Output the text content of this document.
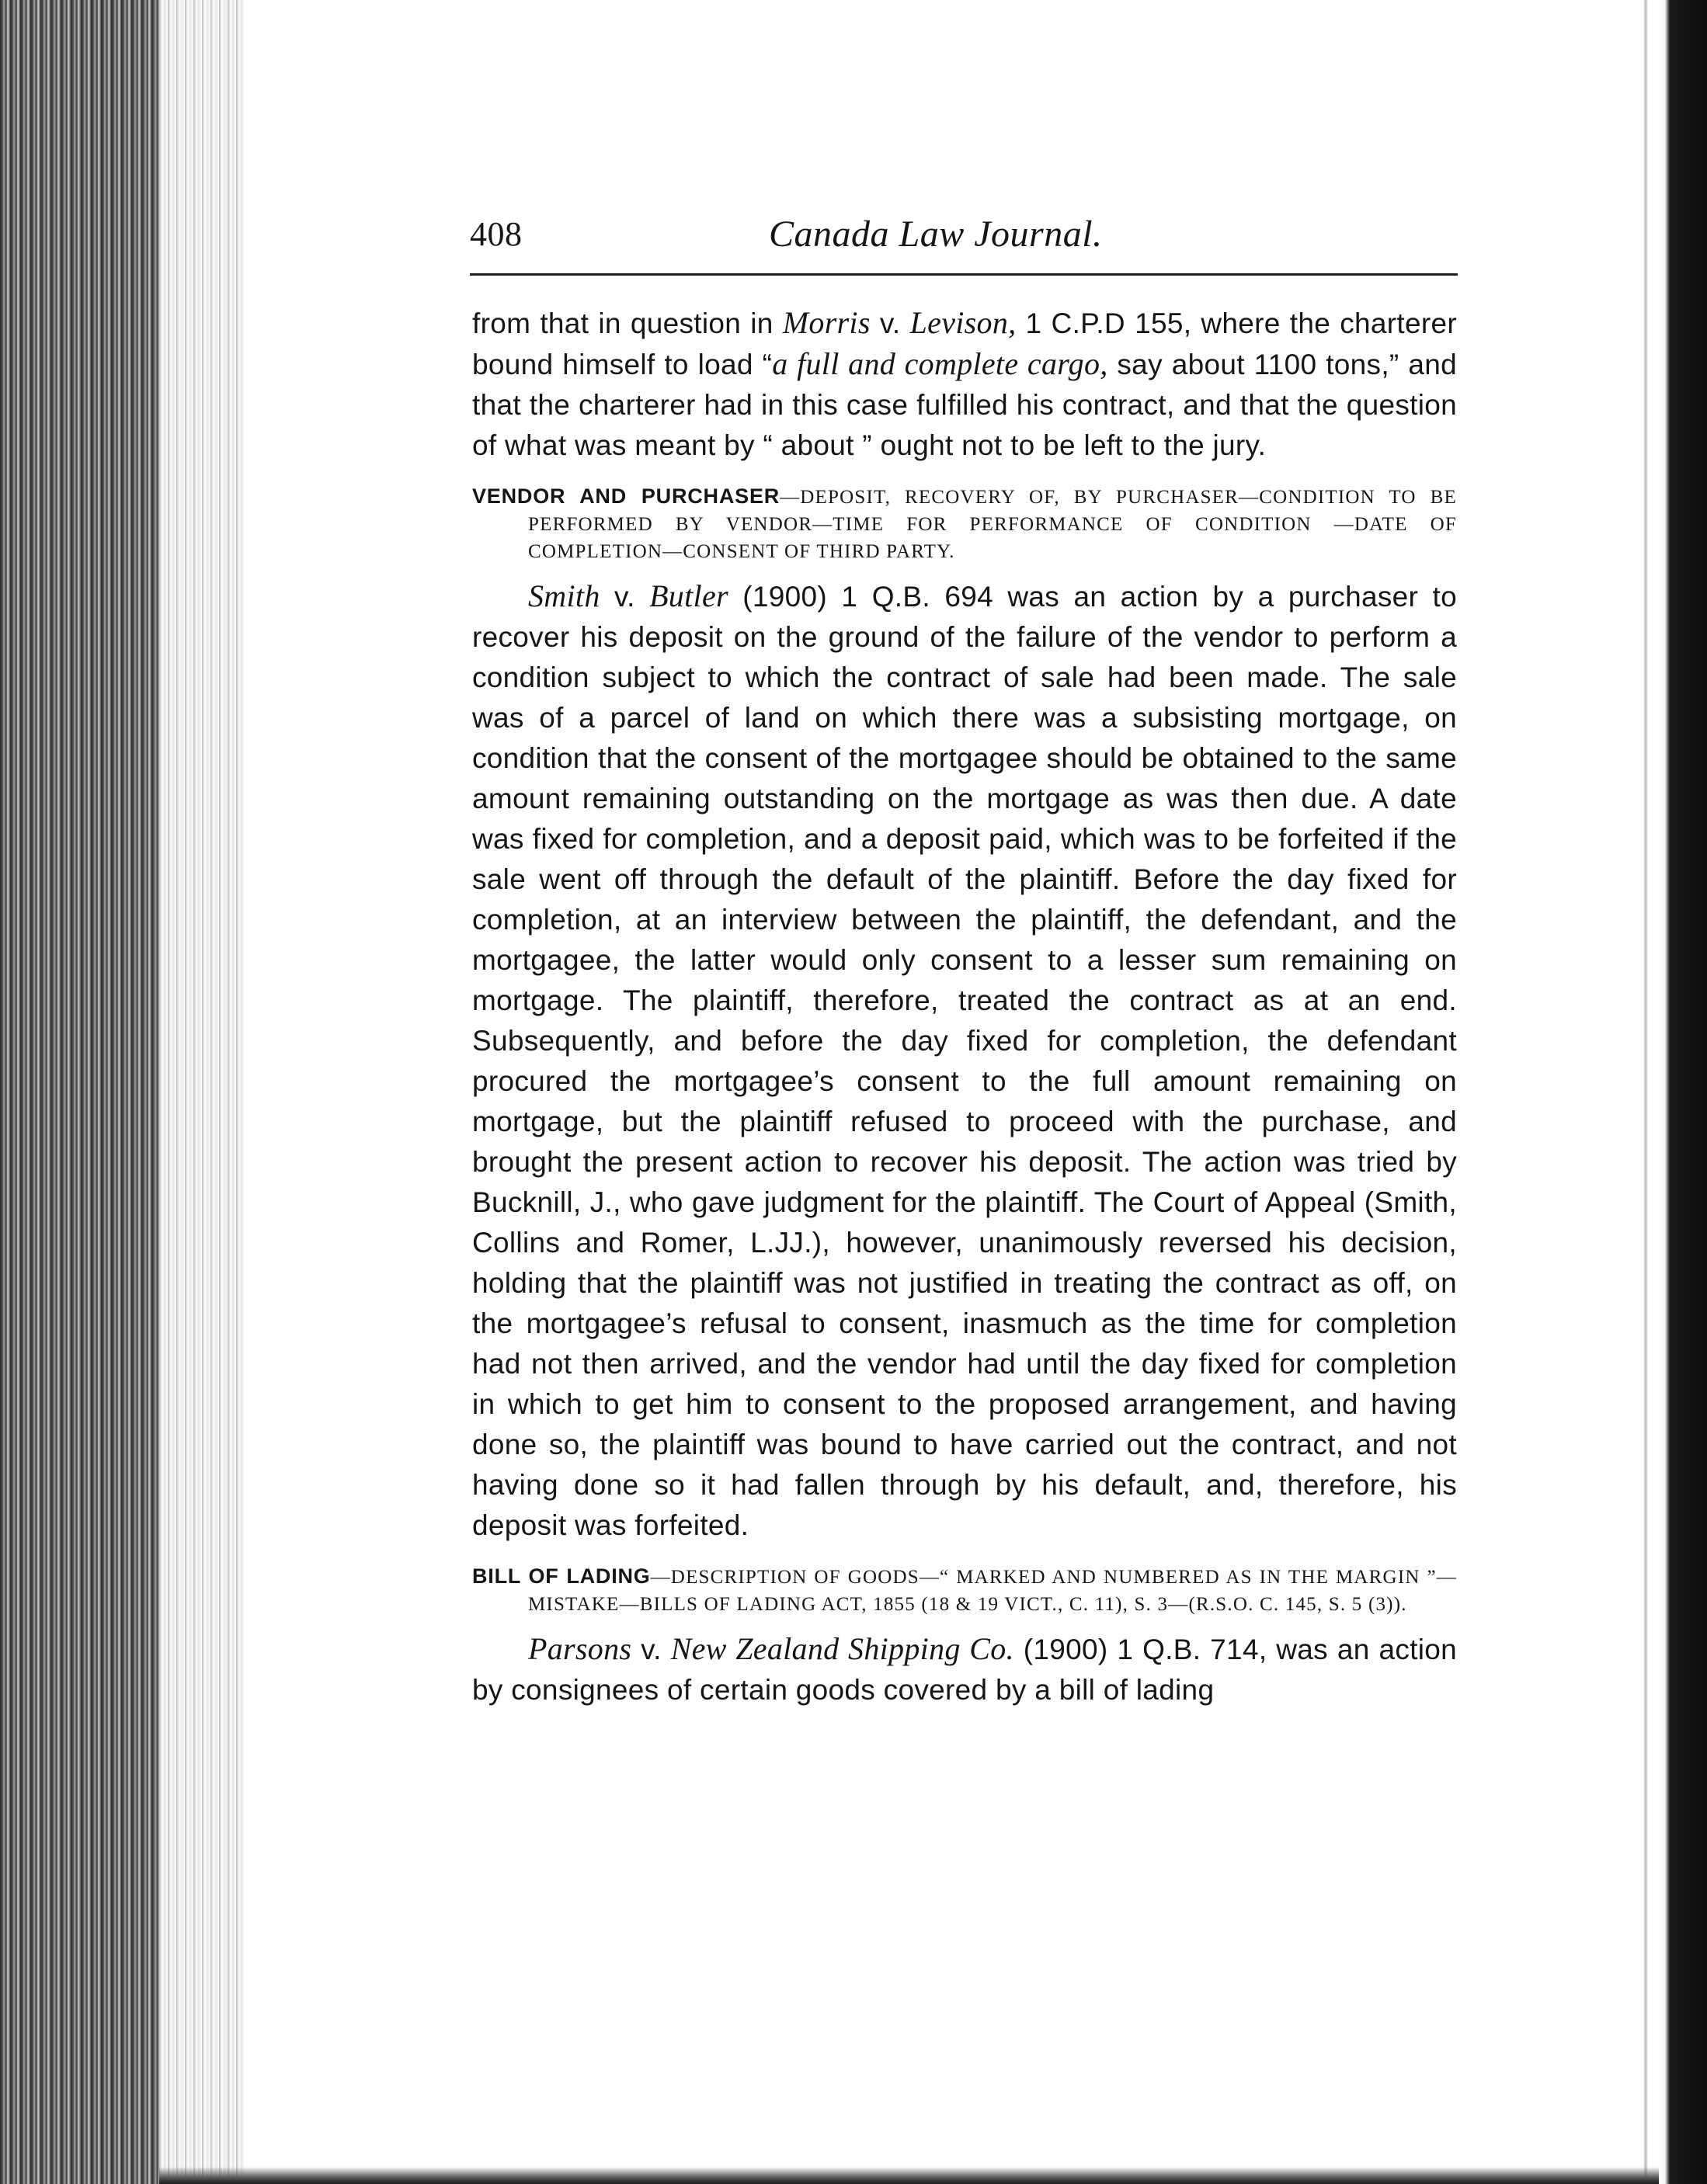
408	Canada Law Journal.

from that in question in Morris v. Levison, 1 C.P.D 155, where the charterer bound himself to load “a full and complete cargo, say about 1100 tons,” and that the charterer had in this case fulfilled his contract, and that the question of what was meant by “ about ” ought not to be left to the jury.

VENDOR AND PURCHASER—DEPOSIT, RECOVERY OF, BY PURCHASER—CONDITION TO BE PERFORMED BY VENDOR—TIME FOR PERFORMANCE OF CONDITION —DATE OF COMPLETION—CONSENT OF THIRD PARTY.

Smith v. Butler (1900) 1 Q.B. 694 was an action by a purchaser to recover his deposit on the ground of the failure of the vendor to perform a condition subject to which the contract of sale had been made. The sale was of a parcel of land on which there was a subsisting mortgage, on condition that the consent of the mortgagee should be obtained to the same amount remaining outstanding on the mortgage as was then due. A date was fixed for completion, and a deposit paid, which was to be forfeited if the sale went off through the default of the plaintiff. Before the day fixed for completion, at an interview between the plaintiff, the defendant, and the mortgagee, the latter would only consent to a lesser sum remaining on mortgage. The plaintiff, therefore, treated the contract as at an end. Subsequently, and before the day fixed for completion, the defendant procured the mortgagee’s consent to the full amount remaining on mortgage, but the plaintiff refused to proceed with the purchase, and brought the present action to recover his deposit. The action was tried by Bucknill, J., who gave judgment for the plaintiff. The Court of Appeal (Smith, Collins and Romer, L.JJ.), however, unanimously reversed his decision, holding that the plaintiff was not justified in treating the contract as off, on the mortgagee’s refusal to consent, inasmuch as the time for completion had not then arrived, and the vendor had until the day fixed for completion in which to get him to consent to the proposed arrangement, and having done so, the plaintiff was bound to have carried out the contract, and not having done so it had fallen through by his default, and, therefore, his deposit was forfeited.

BILL OF LADING—DESCRIPTION OF GOODS—“ MARKED AND NUMBERED AS IN THE MARGIN ”—MISTAKE—BILLS OF LADING ACT, 1855 (18 & 19 VICT., C. 11), S. 3—(R.S.O. C. 145, S. 5 (3)).

Parsons v. New Zealand Shipping Co. (1900) 1 Q.B. 714, was an action by consignees of certain goods covered by a bill of lading
